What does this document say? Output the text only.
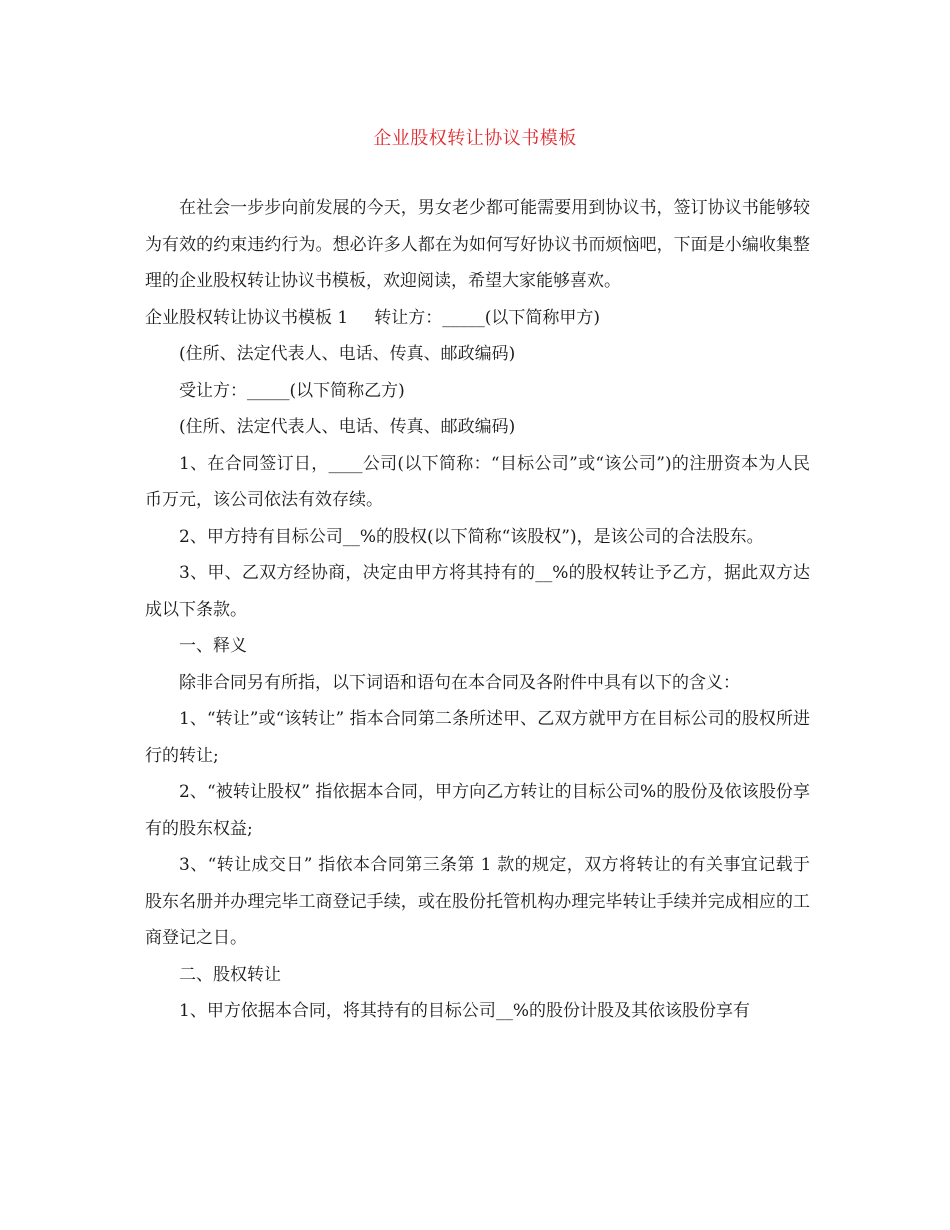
企业股权转让协议书模板

在社会一步步向前发展的今天，男女老少都可能需要用到协议书，签订协议书能够较为有效的约束违约行为。想必许多人都在为如何写好协议书而烦恼吧，下面是小编收集整理的企业股权转让协议书模板，欢迎阅读，希望大家能够喜欢。

企业股权转让协议书模板 1 转让方：_____(以下简称甲方)

(住所、法定代表人、电话、传真、邮政编码)

受让方：_____(以下简称乙方)

(住所、法定代表人、电话、传真、邮政编码)

1、在合同签订日，____公司(以下简称：“目标公司”或“该公司”)的注册资本为人民币万元，该公司依法有效存续。

2、甲方持有目标公司__%的股权(以下简称“该股权”)，是该公司的合法股东。

3、甲、乙双方经协商，决定由甲方将其持有的__%的股权转让予乙方，据此双方达成以下条款。

一、释义

除非合同另有所指，以下词语和语句在本合同及各附件中具有以下的含义：

1、“转让”或“该转让” 指本合同第二条所述甲、乙双方就甲方在目标公司的股权所进行的转让;

2、“被转让股权” 指依据本合同，甲方向乙方转让的目标公司%的股份及依该股份享有的股东权益;

3、“转让成交日” 指依本合同第三条第 1 款的规定，双方将转让的有关事宜记载于股东名册并办理完毕工商登记手续，或在股份托管机构办理完毕转让手续并完成相应的工商登记之日。

二、股权转让

1、甲方依据本合同，将其持有的目标公司__%的股份计股及其依该股份享有
